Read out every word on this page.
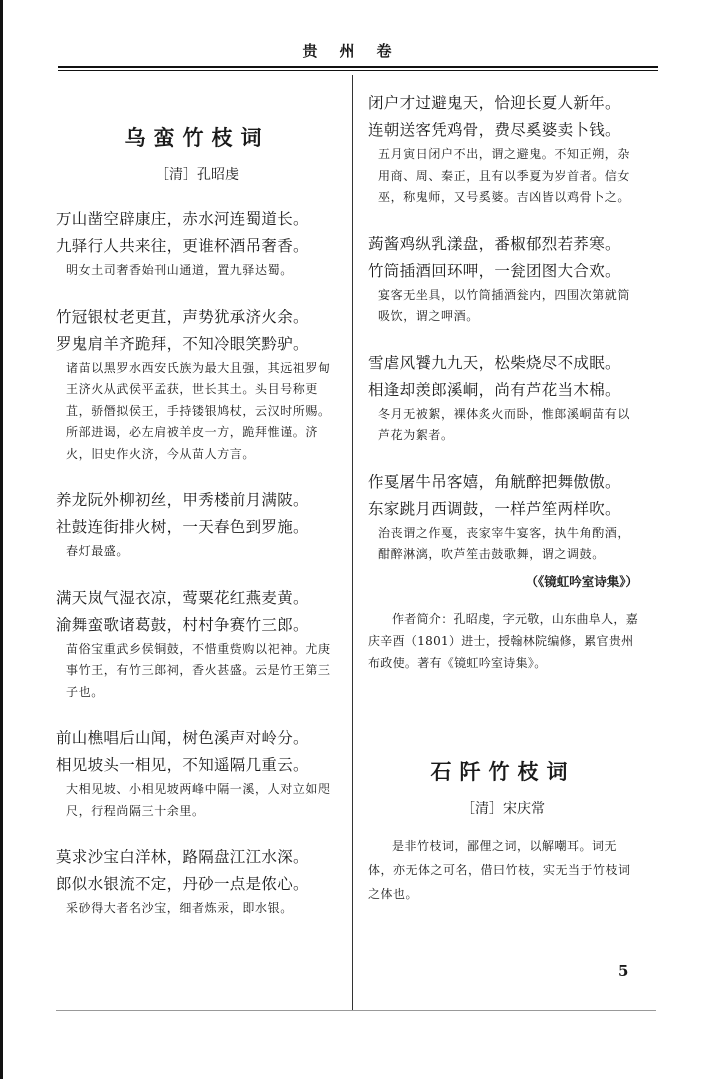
贵州卷
乌蛮竹枝词
［清］孔昭虔
万山凿空辟康庄，赤水河连蜀道长。
九驿行人共来往，更谁杯酒吊奢香。
明女土司奢香始刊山通道，置九驿达蜀。
竹冠银杖老更苴，声势犹承济火余。
罗鬼肩羊齐跪拜，不知冷眼笑黔驴。
诸苗以黑罗水西安氏族为最大且强，其远祖罗甸王济火从武侯平孟获，世长其土。头目号称更苴，骄僭拟侯王，手持镂银鸠杖，云汉时所赐。所部进谒，必左肩被羊皮一方，跪拜惟谨。济火，旧史作火济，今从苗人方言。
养龙阮外柳初丝，甲秀楼前月满陂。
社鼓连街排火树，一天春色到罗施。
春灯最盛。
满天岚气湿衣凉，莺粟花红燕麦黄。
渝舞蛮歌诸葛鼓，村村争赛竹三郎。
苗俗宝重武乡侯铜鼓，不惜重赀购以祀神。尤庚事竹王，有竹三郎祠，香火甚盛。云是竹王第三子也。
前山樵唱后山闻，树色溪声对岭分。
相见坡头一相见，不知遥隔几重云。
大相见坡、小相见坡两峰中隔一溪，人对立如咫尺，行程尚隔三十余里。
莫求沙宝白洋林，路隔盘江江水深。
郎似水银流不定，丹砂一点是侬心。
采砂得大者名沙宝，细者炼汞，即水银。
闭户才过避鬼天，恰迎长夏人新年。
连朝送客凭鸡骨，费尽奚婆卖卜钱。
五月寅日闭户不出，谓之避鬼。不知正朔，杂用商、周、秦正，且有以季夏为岁首者。信女巫，称鬼师，又号奚婆。吉凶皆以鸡骨卜之。
蒟酱鸡纵乳漾盘，番椒郁烈若荞寒。
竹筒插酒回环呷，一瓮团图大合欢。
宴客无坐具，以竹筒插酒瓮内，四围次第就筒吸饮，谓之呷酒。
雪虐风饕九九天，松柴烧尽不成眠。
相逢却羡郎溪峒，尚有芦花当木棉。
冬月无被絮，裸体炙火而卧，惟郎溪峒苗有以芦花为絮者。
作戛屠牛吊客嬉，角觥醉把舞傲傲。
东家跳月西调鼓，一样芦笙两样吹。
治丧谓之作戛，丧家宰牛宴客，执牛角酌酒，酣醉淋漓，吹芦笙击鼓歌舞，谓之调鼓。
（《镜虹吟室诗集》）
作者简介：孔昭虔，字元敬，山东曲阜人，嘉庆辛酉（1801）进士，授翰林院编修，累官贵州布政使。著有《镜虹吟室诗集》。
石阡竹枝词
［清］宋庆常
是非竹枝词，鄙俚之词，以解嘲耳。词无体，亦无体之可名，借曰竹枝，实无当于竹枝词之体也。
5
